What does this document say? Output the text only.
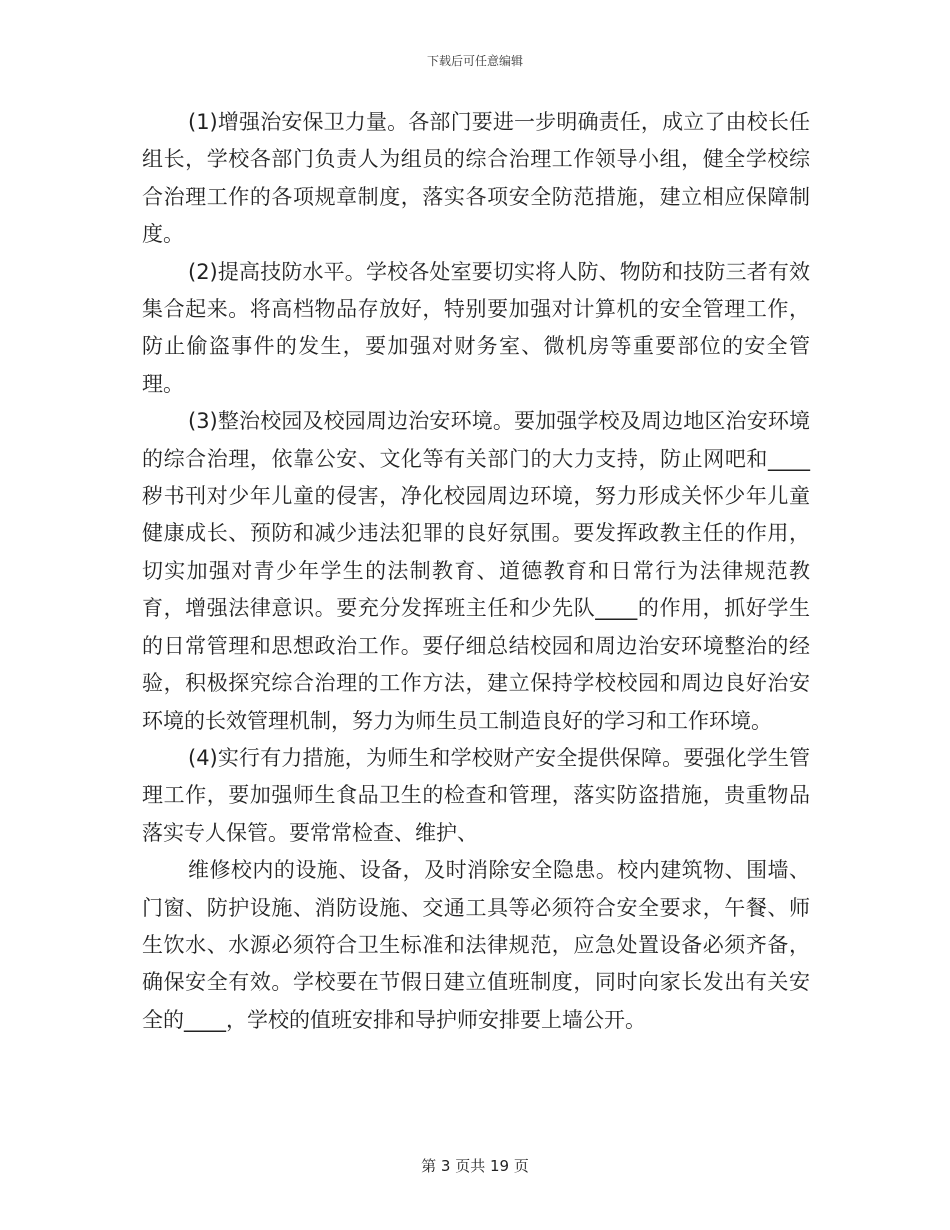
下载后可任意编辑

(1)增强治安保卫力量。各部门要进一步明确责任，成立了由校长任组长，学校各部门负责人为组员的综合治理工作领导小组，健全学校综合治理工作的各项规章制度，落实各项安全防范措施，建立相应保障制度。

(2)提高技防水平。学校各处室要切实将人防、物防和技防三者有效集合起来。将高档物品存放好，特别要加强对计算机的安全管理工作，防止偷盗事件的发生，要加强对财务室、微机房等重要部位的安全管理。

(3)整治校园及校园周边治安环境。要加强学校及周边地区治安环境的综合治理，依靠公安、文化等有关部门的大力支持，防止网吧和____秽书刊对少年儿童的侵害，净化校园周边环境，努力形成关怀少年儿童健康成长、预防和减少违法犯罪的良好氛围。要发挥政教主任的作用，切实加强对青少年学生的法制教育、道德教育和日常行为法律规范教育，增强法律意识。要充分发挥班主任和少先队____的作用，抓好学生的日常管理和思想政治工作。要仔细总结校园和周边治安环境整治的经验，积极探究综合治理的工作方法，建立保持学校校园和周边良好治安环境的长效管理机制，努力为师生员工制造良好的学习和工作环境。

(4)实行有力措施，为师生和学校财产安全提供保障。要强化学生管理工作，要加强师生食品卫生的检查和管理，落实防盗措施，贵重物品落实专人保管。要常常检查、维护、

维修校内的设施、设备，及时消除安全隐患。校内建筑物、围墙、门窗、防护设施、消防设施、交通工具等必须符合安全要求，午餐、师生饮水、水源必须符合卫生标准和法律规范，应急处置设备必须齐备，确保安全有效。学校要在节假日建立值班制度，同时向家长发出有关安全的____，学校的值班安排和导护师安排要上墙公开。

第 3 页共 19 页
